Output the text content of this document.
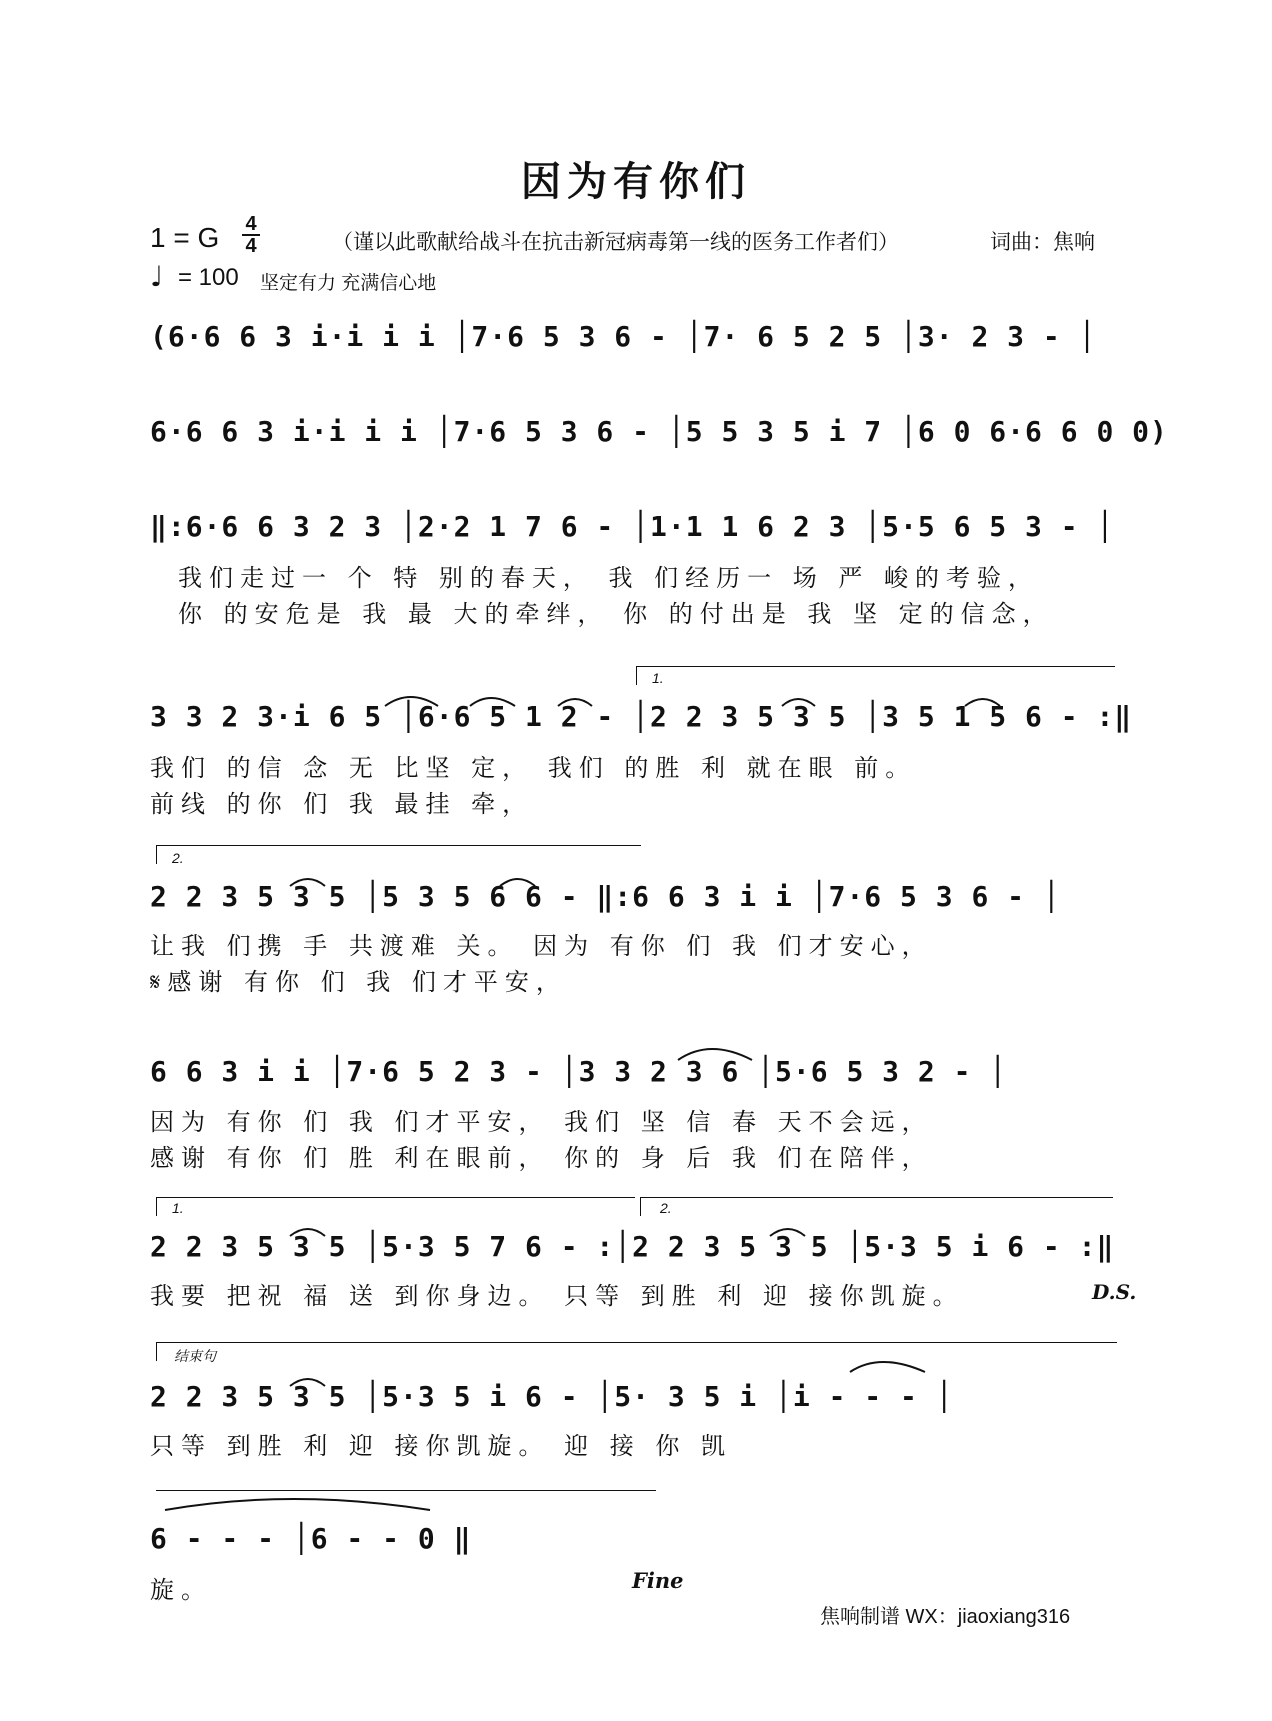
因为有你们
1 = G 4
4	（谨以此歌献给战斗在抗击新冠病毒第一线的医务工作者们）	词曲：焦响
♩ = 100 坚定有力 充满信心地
(6·6 6 3 i·i i i │7·6 5 3 6 - │7· 6 5 2 5 │3· 2 3 - │
6·6 6 3 i·i i i │7·6 5 3 6 - │5 5 3 5 i 7 │6 0 6·6 6 0 0)
‖:6·6 6 3 2 3 │2·2 1 7 6 - │1·1 1 6 2 3 │5·5 6 5 3 - │
我们走过一 个 特 别的春天， 我 们经历一 场 严 峻的考验，
你 的安危是 我 最 大的牵绊， 你 的付出是 我 坚 定的信念，
1.
3 3 2 3·i 6 5 │6·6 5 1 2 - │2 2 3 5 3 5 │3 5 1 5 6 - :‖
我们 的信 念 无 比坚 定， 我们 的胜 利 就在眼 前。
前线 的你 们 我 最挂 牵，
2.
2 2 3 5 3 5 │5 3 5 6 6 - ‖:6 6 3 i i │7·6 5 3 6 - │
让我 们携 手 共渡难 关。 因为 有你 们 我 们才安心，
𝄋感谢 有你 们 我 们才平安，
6 6 3 i i │7·6 5 2 3 - │3 3 2 3 6 │5·6 5 3 2 - │
因为 有你 们 我 们才平安， 我们 坚 信 春 天不会远，
感谢 有你 们 胜 利在眼前， 你的 身 后 我 们在陪伴，
1.	2.
2 2 3 5 3 5 │5·3 5 7 6 - :│2 2 3 5 3 5 │5·3 5 i 6 - :‖
我要 把祝 福 送 到你身边。 只等 到胜 利 迎 接你凯旋。	D.S.
结束句
2 2 3 5 3 5 │5·3 5 i 6 - │5· 3 5 i │i - - - │
只等 到胜 利 迎 接你凯旋。 迎 接 你 凯
6 - - - │6 - - 0 ‖
旋。	Fine
焦响制谱 WX：jiaoxiang316
